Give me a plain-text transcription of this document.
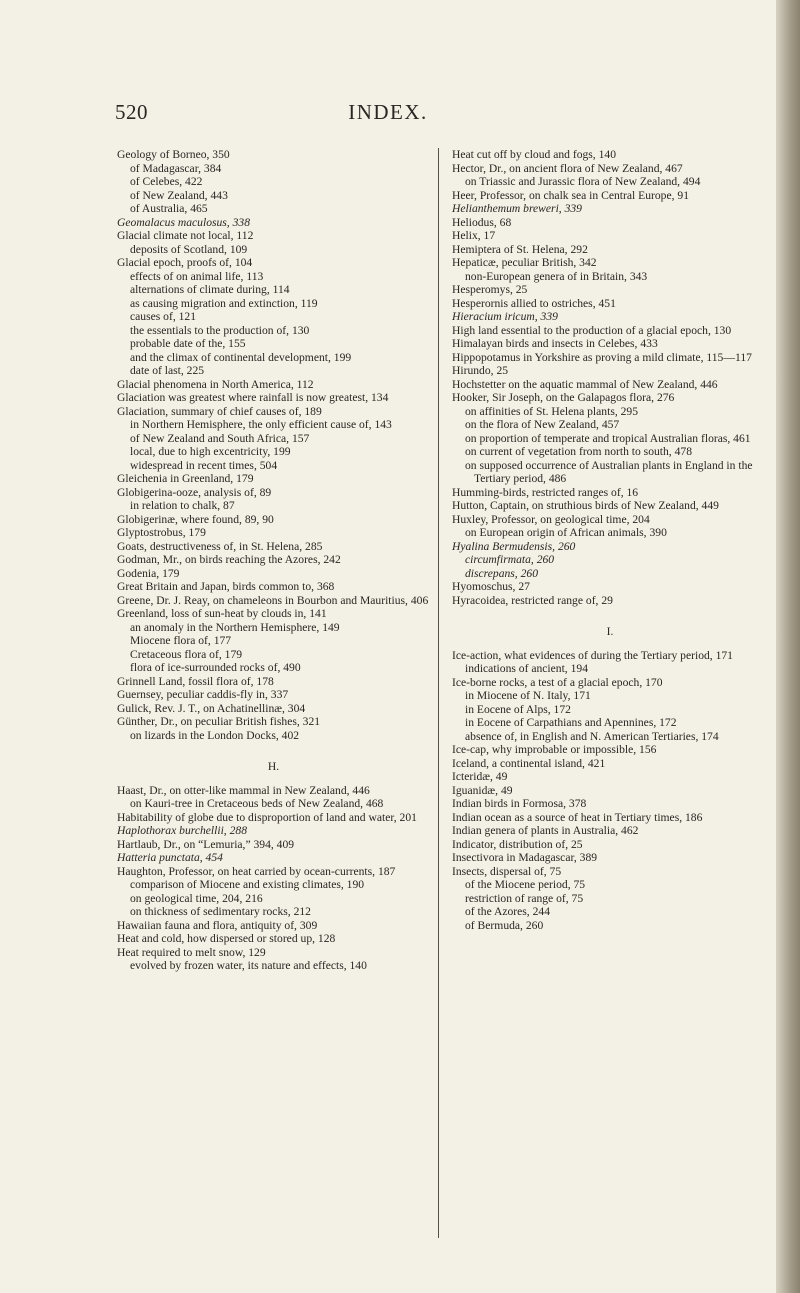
520	INDEX.
Geology of Borneo, 350
of Madagascar, 384
of Celebes, 422
of New Zealand, 443
of Australia, 465
Geomalacus maculosus, 338
Glacial climate not local, 112
deposits of Scotland, 109
Glacial epoch, proofs of, 104
effects of on animal life, 113
alternations of climate during, 114
as causing migration and extinction, 119
causes of, 121
the essentials to the production of, 130
probable date of the, 155
and the climax of continental development, 199
date of last, 225
Glacial phenomena in North America, 112
Glaciation was greatest where rainfall is now greatest, 134
Glaciation, summary of chief causes of, 189
in Northern Hemisphere, the only efficient cause of, 143
of New Zealand and South Africa, 157
local, due to high excentricity, 199
widespread in recent times, 504
Gleichenia in Greenland, 179
Globigerina-ooze, analysis of, 89
in relation to chalk, 87
Globigerinæ, where found, 89, 90
Glyptostrobus, 179
Goats, destructiveness of, in St. Helena, 285
Godman, Mr., on birds reaching the Azores, 242
Godenia, 179
Great Britain and Japan, birds common to, 368
Greene, Dr. J. Reay, on chameleons in Bourbon and Mauritius, 406
Greenland, loss of sun-heat by clouds in, 141
an anomaly in the Northern Hemisphere, 149
Miocene flora of, 177
Cretaceous flora of, 179
flora of ice-surrounded rocks of, 490
Grinnell Land, fossil flora of, 178
Guernsey, peculiar caddis-fly in, 337
Gulick, Rev. J. T., on Achatinellinæ, 304
Günther, Dr., on peculiar British fishes, 321
on lizards in the London Docks, 402
H.
Haast, Dr., on otter-like mammal in New Zealand, 446
on Kauri-tree in Cretaceous beds of New Zealand, 468
Habitability of globe due to disproportion of land and water, 201
Haplothorax burchellii, 288
Hartlaub, Dr., on “Lemuria,” 394, 409
Hatteria punctata, 454
Haughton, Professor, on heat carried by ocean-currents, 187
comparison of Miocene and existing climates, 190
on geological time, 204, 216
on thickness of sedimentary rocks, 212
Hawaiian fauna and flora, antiquity of, 309
Heat and cold, how dispersed or stored up, 128
Heat required to melt snow, 129
evolved by frozen water, its nature and effects, 140
Heat cut off by cloud and fogs, 140
Hector, Dr., on ancient flora of New Zealand, 467
on Triassic and Jurassic flora of New Zealand, 494
Heer, Professor, on chalk sea in Central Europe, 91
Helianthemum breweri, 339
Heliodus, 68
Helix, 17
Hemiptera of St. Helena, 292
Hepaticæ, peculiar British, 342
non-European genera of in Britain, 343
Hesperomys, 25
Hesperornis allied to ostriches, 451
Hieracium iricum, 339
High land essential to the production of a glacial epoch, 130
Himalayan birds and insects in Celebes, 433
Hippopotamus in Yorkshire as proving a mild climate, 115—117
Hirundo, 25
Hochstetter on the aquatic mammal of New Zealand, 446
Hooker, Sir Joseph, on the Galapagos flora, 276
on affinities of St. Helena plants, 295
on the flora of New Zealand, 457
on proportion of temperate and tropical Australian floras, 461
on current of vegetation from north to south, 478
on supposed occurrence of Australian plants in England in the Tertiary period, 486
Humming-birds, restricted ranges of, 16
Hutton, Captain, on struthious birds of New Zealand, 449
Huxley, Professor, on geological time, 204
on European origin of African animals, 390
Hyalina Bermudensis, 260
circumfirmata, 260
discrepans, 260
Hyomoschus, 27
Hyracoidea, restricted range of, 29
I.
Ice-action, what evidences of during the Tertiary period, 171
indications of ancient, 194
Ice-borne rocks, a test of a glacial epoch, 170
in Miocene of N. Italy, 171
in Eocene of Alps, 172
in Eocene of Carpathians and Apennines, 172
absence of, in English and N. American Tertiaries, 174
Ice-cap, why improbable or impossible, 156
Iceland, a continental island, 421
Icteridæ, 49
Iguanidæ, 49
Indian birds in Formosa, 378
Indian ocean as a source of heat in Tertiary times, 186
Indian genera of plants in Australia, 462
Indicator, distribution of, 25
Insectivora in Madagascar, 389
Insects, dispersal of, 75
of the Miocene period, 75
restriction of range of, 75
of the Azores, 244
of Bermuda, 260
